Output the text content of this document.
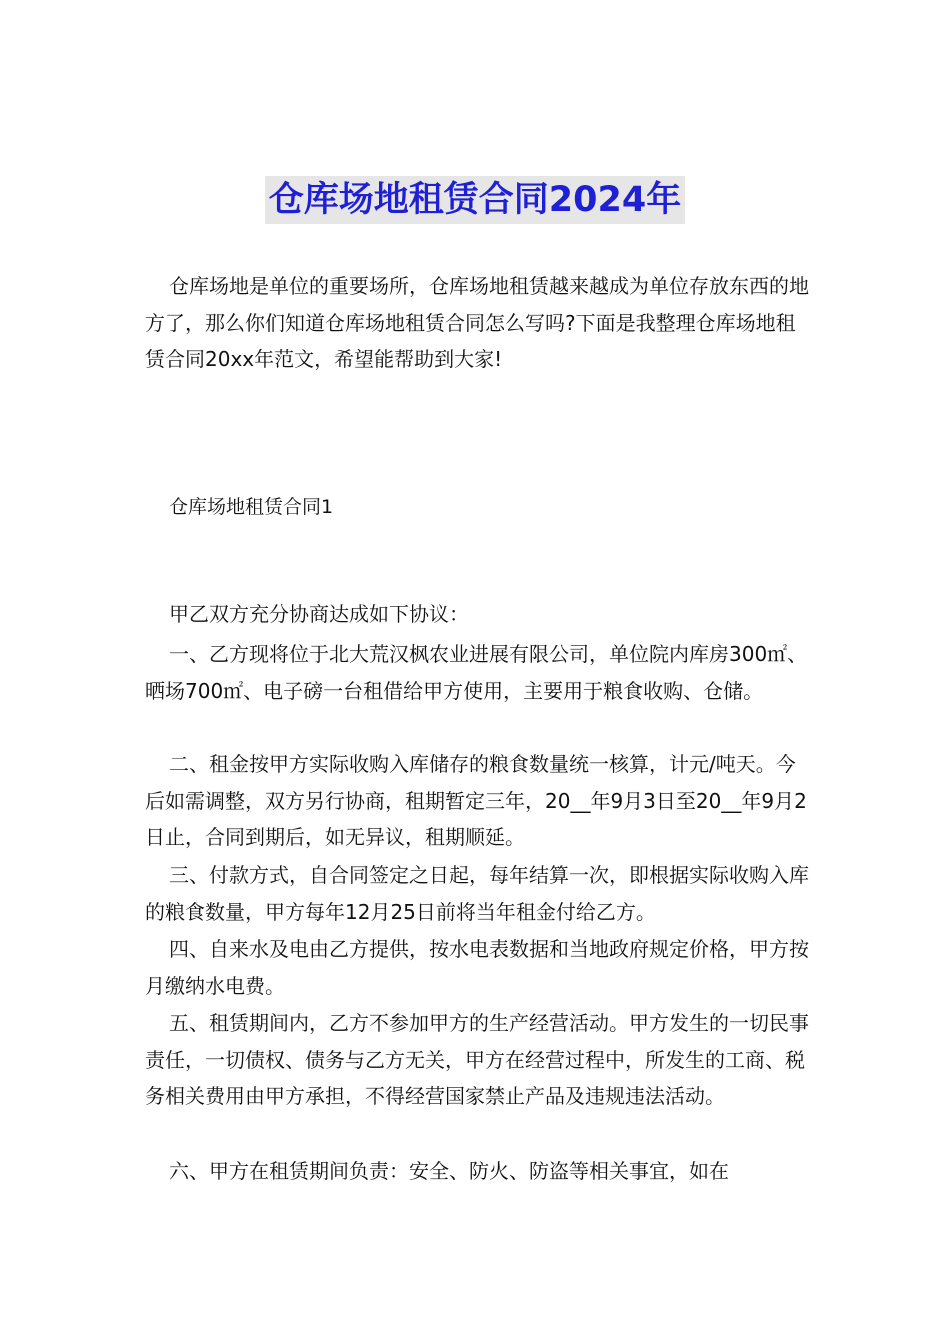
仓库场地租赁合同2024年

仓库场地是单位的重要场所，仓库场地租赁越来越成为单位存放东西的地方了，那么你们知道仓库场地租赁合同怎么写吗?下面是我整理仓库场地租赁合同20xx年范文，希望能帮助到大家!

仓库场地租赁合同1

甲乙双方充分协商达成如下协议：

一、乙方现将位于北大荒汉枫农业进展有限公司，单位院内库房300㎡、晒场700㎡、电子磅一台租借给甲方使用，主要用于粮食收购、仓储。

二、租金按甲方实际收购入库储存的粮食数量统一核算，计元/吨天。今后如需调整，双方另行协商，租期暂定三年，20__年9月3日至20__年9月2日止，合同到期后，如无异议，租期顺延。

三、付款方式，自合同签定之日起，每年结算一次，即根据实际收购入库的粮食数量，甲方每年12月25日前将当年租金付给乙方。

四、自来水及电由乙方提供，按水电表数据和当地政府规定价格，甲方按月缴纳水电费。

五、租赁期间内，乙方不参加甲方的生产经营活动。甲方发生的一切民事责任，一切债权、债务与乙方无关，甲方在经营过程中，所发生的工商、税务相关费用由甲方承担，不得经营国家禁止产品及违规违法活动。

六、甲方在租赁期间负责：安全、防火、防盗等相关事宜，如在
